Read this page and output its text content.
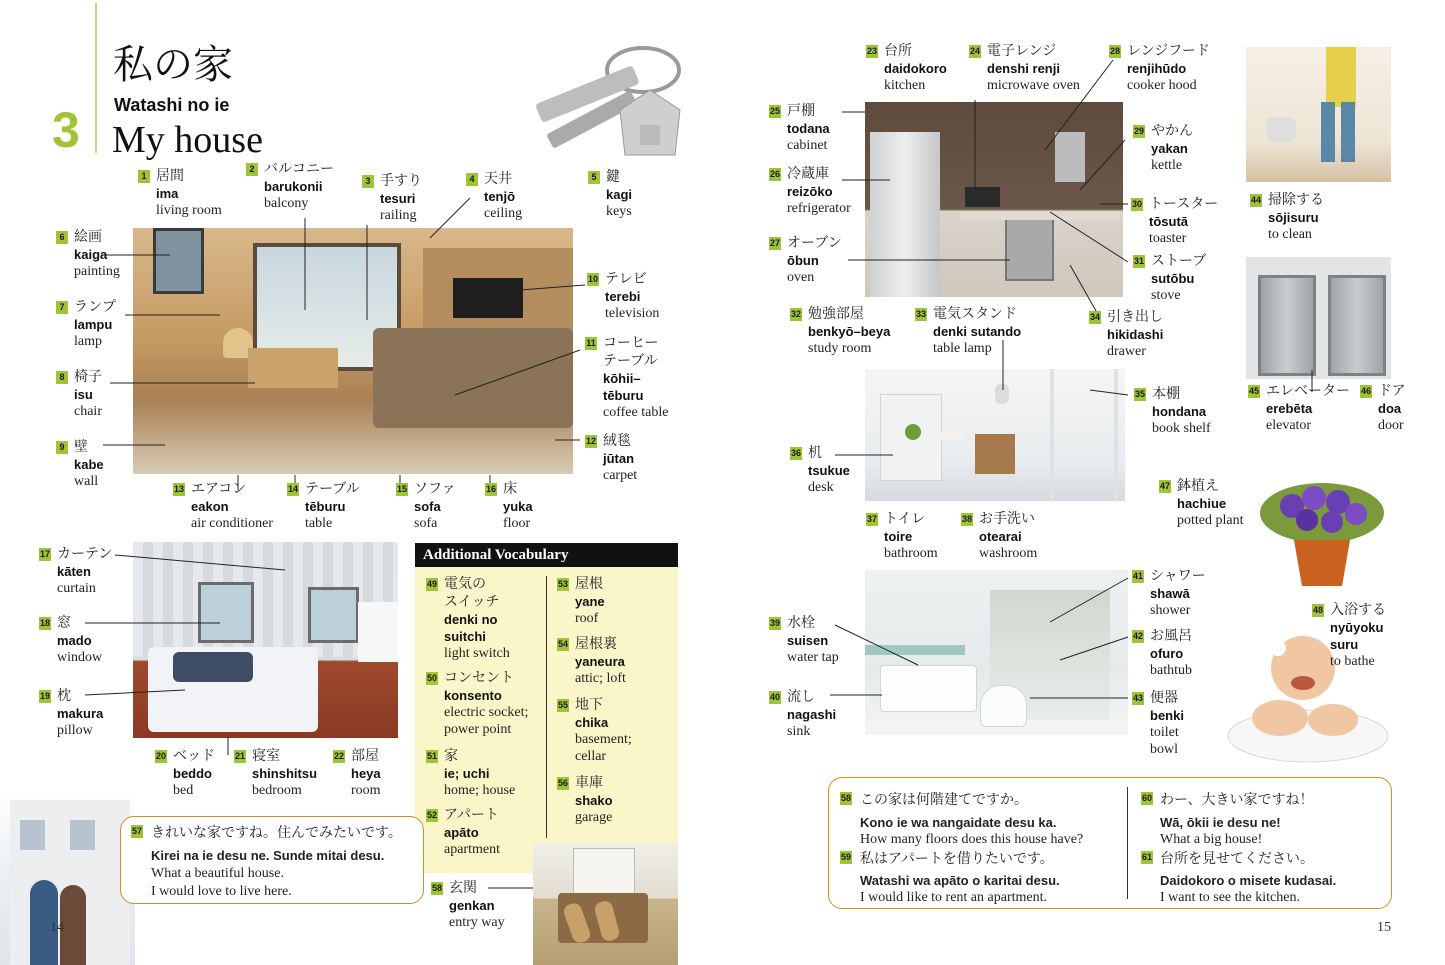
3
私の家
Watashi no ie
My house
14
Additional Vocabulary
57 きれいな家ですね。住んでみたいです。
Kirei na ie desu ne. Sunde mitai desu.
What a beautiful house.
I would love to live here.
58 この家は何階建てですか。
Kono ie wa nangaidate desu ka.
How many floors does this house have?
59 私はアパートを借りたいです。
Watashi wa apāto o karitai desu.
I would like to rent an apartment.
60 わー、大きい家ですね！
Wā, ōkii ie desu ne!
What a big house!
61 台所を見せてください。
Daidokoro o misete kudasai.
I want to see the kitchen.
15
1 居間
ima
living room
2 バルコニー
barukonii
balcony
3 手すり
tesuri
railing
4 天井
tenjō
ceiling
5 鍵
kagi
keys
6 絵画
kaiga
painting
7 ランプ
lampu
lamp
8 椅子
isu
chair
9 壁
kabe
wall
10 テレビ
terebi
television
11 コーヒー
テーブル
kōhii–
tēburu
coffee table
12 絨毯
jūtan
carpet
13 エアコン
eakon
air conditioner
14 テーブル
tēburu
table
15 ソファ
sofa
sofa
16 床
yuka
floor
17 カーテン
kāten
curtain
18 窓
mado
window
19 枕
makura
pillow
20 ベッド
beddo
bed
21 寝室
shinshitsu
bedroom
22 部屋
heya
room
23 台所
daidokoro
kitchen
24 電子レンジ
denshi renji
microwave oven
25 戸棚
todana
cabinet
26 冷蔵庫
reizōko
refrigerator
27 オーブン
ōbun
oven
28 レンジフード
renjihūdo
cooker hood
29 やかん
yakan
kettle
30 トースター
tōsutā
toaster
31 ストーブ
sutōbu
stove
32 勉強部屋
benkyō–beya
study room
33 電気スタンド
denki sutando
table lamp
34 引き出し
hikidashi
drawer
35 本棚
hondana
book shelf
36 机
tsukue
desk
37 トイレ
toire
bathroom
38 お手洗い
otearai
washroom
39 水栓
suisen
water tap
40 流し
nagashi
sink
41 シャワー
shawā
shower
42 お風呂
ofuro
bathtub
43 便器
benki
toilet
bowl
44 掃除する
sōjisuru
to clean
45 エレベーター
erebēta
elevator
46 ドア
doa
door
47 鉢植え
hachiue
potted plant
48 入浴する
nyūyoku
suru
to bathe
49 電気の
スイッチ
denki no
suitchi
light switch
50 コンセント
konsento
electric socket;
power point
51 家
ie; uchi
home; house
52 アパート
apāto
apartment
53 屋根
yane
roof
54 屋根裏
yaneura
attic; loft
55 地下
chika
basement;
cellar
56 車庫
shako
garage
58 玄関
genkan
entry way
